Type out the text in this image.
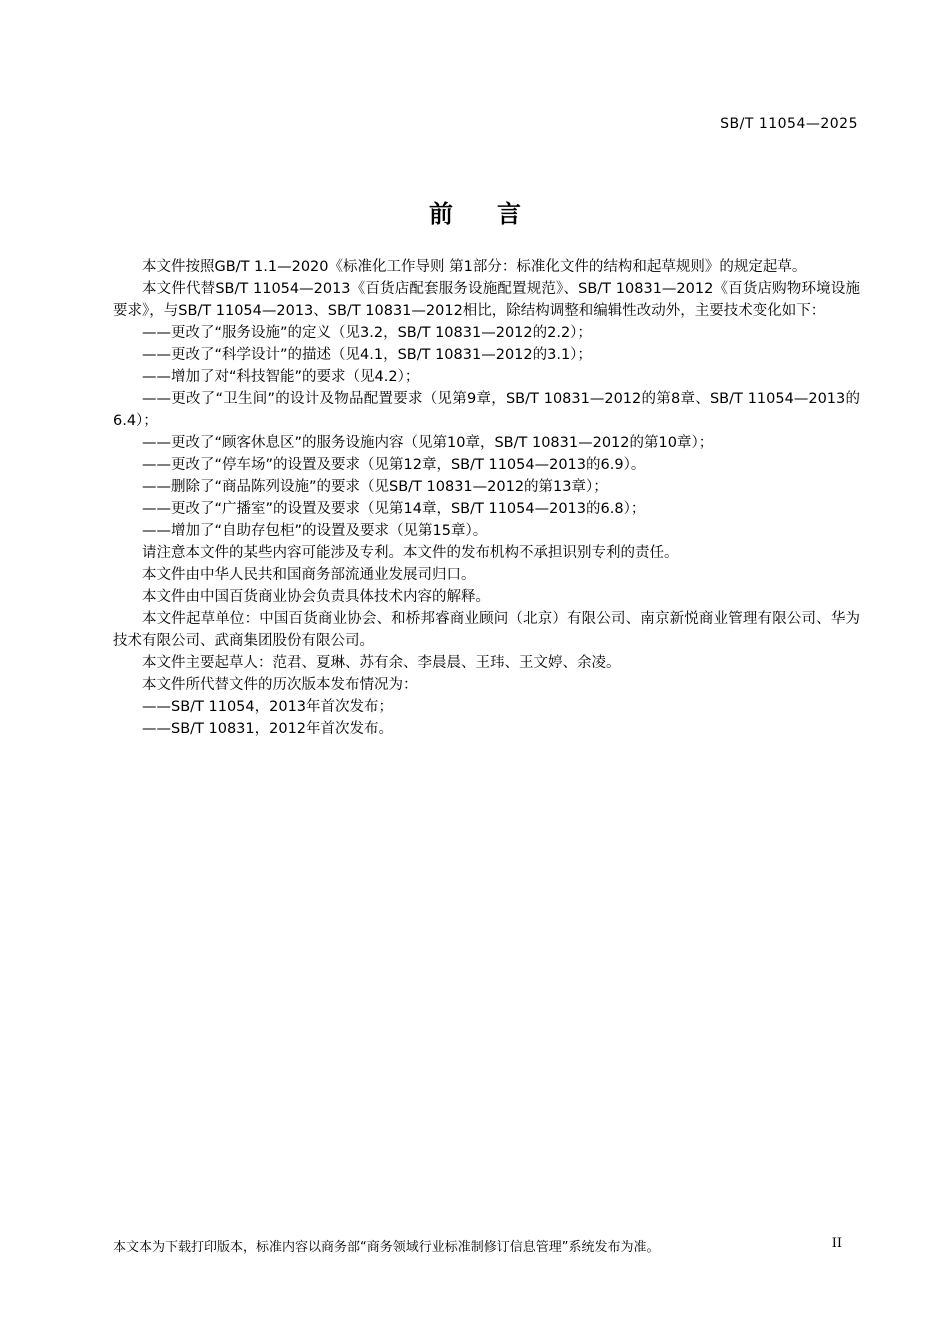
SB/T 11054—2025
前言

本文件按照GB/T 1.1—2020《标准化工作导则 第1部分：标准化文件的结构和起草规则》的规定起草。

本文件代替SB/T 11054—2013《百货店配套服务设施配置规范》、SB/T 10831—2012《百货店购物环境设施要求》，与SB/T 11054—2013、SB/T 10831—2012相比，除结构调整和编辑性改动外，主要技术变化如下：

——更改了“服务设施”的定义（见3.2，SB/T 10831—2012的2.2）；

——更改了“科学设计”的描述（见4.1，SB/T 10831—2012的3.1）；

——增加了对“科技智能”的要求（见4.2）；

——更改了“卫生间”的设计及物品配置要求（见第9章，SB/T 10831—2012的第8章、SB/T 11054—2013的6.4）；

——更改了“顾客休息区”的服务设施内容（见第10章，SB/T 10831—2012的第10章）；

——更改了“停车场”的设置及要求（见第12章，SB/T 11054—2013的6.9）。

——删除了“商品陈列设施”的要求（见SB/T 10831—2012的第13章）；

——更改了“广播室”的设置及要求（见第14章，SB/T 11054—2013的6.8）；

——增加了“自助存包柜”的设置及要求（见第15章）。

请注意本文件的某些内容可能涉及专利。本文件的发布机构不承担识别专利的责任。

本文件由中华人民共和国商务部流通业发展司归口。

本文件由中国百货商业协会负责具体技术内容的解释。

本文件起草单位：中国百货商业协会、和桥邦睿商业顾问（北京）有限公司、南京新悦商业管理有限公司、华为技术有限公司、武商集团股份有限公司。

本文件主要起草人：范君、夏琳、苏有余、李晨晨、王玮、王文婷、余凌。

本文件所代替文件的历次版本发布情况为：

——SB/T 11054，2013年首次发布；

——SB/T 10831，2012年首次发布。

本文本为下载打印版本，标准内容以商务部“商务领域行业标准制修订信息管理”系统发布为准。	II
